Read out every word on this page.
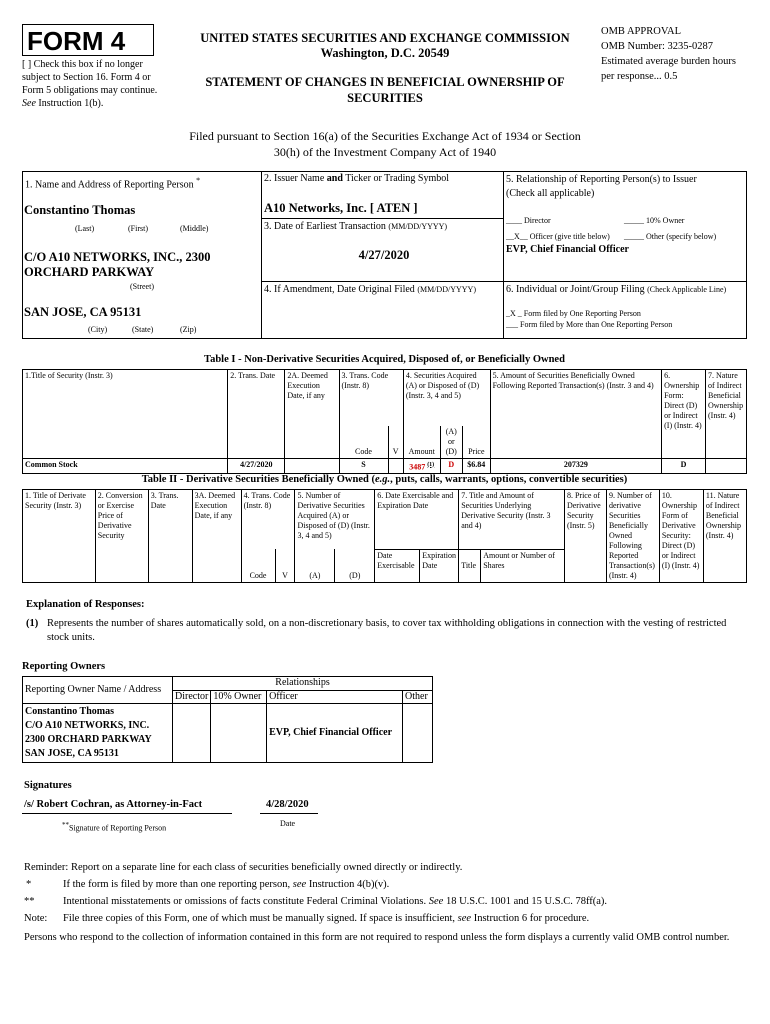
FORM 4
[ ] Check this box if no longer subject to Section 16. Form 4 or Form 5 obligations may continue. See Instruction 1(b).
UNITED STATES SECURITIES AND EXCHANGE COMMISSION
Washington, D.C. 20549
STATEMENT OF CHANGES IN BENEFICIAL OWNERSHIP OF SECURITIES
OMB APPROVAL
OMB Number: 3235-0287
Estimated average burden hours per response... 0.5
Filed pursuant to Section 16(a) of the Securities Exchange Act of 1934 or Section 30(h) of the Investment Company Act of 1940
1. Name and Address of Reporting Person *
Constantino Thomas
(Last)	(First)	(Middle)
C/O A10 NETWORKS, INC., 2300 ORCHARD PARKWAY
(Street)
SAN JOSE, CA 95131
(City)	(State)	(Zip)
2. Issuer Name and Ticker or Trading Symbol
A10 Networks, Inc. [ ATEN ]
3. Date of Earliest Transaction (MM/DD/YYYY)
4/27/2020
4. If Amendment, Date Original Filed (MM/DD/YYYY)
5. Relationship of Reporting Person(s) to Issuer
(Check all applicable)
____ Director	_____ 10% Owner
__X__ Officer (give title below) _____ Other (specify below)
EVP, Chief Financial Officer
6. Individual or Joint/Group Filing (Check Applicable Line)
_X _ Form filed by One Reporting Person
___ Form filed by More than One Reporting Person
Table I - Non-Derivative Securities Acquired, Disposed of, or Beneficially Owned
1.Title of Security (Instr. 3)	2. Trans. Date	2A. Deemed Execution Date, if any	3. Trans. Code (Instr. 8)		4. Securities Acquired (A) or Disposed of (D) (Instr. 3, 4 and 5)			5. Amount of Securities Beneficially Owned Following Reported Transaction(s) (Instr. 3 and 4)	6. Ownership Form: Direct (D) or Indirect (I) (Instr. 4)	7. Nature of Indirect Beneficial Ownership (Instr. 4)
			Code	V	Amount	(A) or (D)	Price			
Common Stock	4/27/2020		S		3487 $^{(1)}$	D	$6.84	207329	D	
Table II - Derivative Securities Beneficially Owned (e.g., puts, calls, warrants, options, convertible securities)
1. Title of Derivate Security (Instr. 3)	2. Conversion or Exercise Price of Derivative Security	3. Trans. Date	3A. Deemed Execution Date, if any	4. Trans. Code (Instr. 8)		5. Number of Derivative Securities Acquired (A) or Disposed of (D) (Instr. 3, 4 and 5)		6. Date Exercisable and Expiration Date		7. Title and Amount of Securities Underlying Derivative Security (Instr. 3 and 4)		8. Price of Derivative Security (Instr. 5)	9. Number of derivative Securities Beneficially Owned Following Reported Transaction(s) (Instr. 4)	10. Ownership Form of Derivative Security: Direct (D) or Indirect (I) (Instr. 4)	11. Nature of Indirect Beneficial Ownership (Instr. 4)
				Code	V	(A)	(D)	Date Exercisable	Expiration Date	Title	Amount or Number of Shares				
Explanation of Responses:
(1) Represents the number of shares automatically sold, on a non-discretionary basis, to cover tax withholding obligations in connection with the vesting of restricted stock units.
Reporting Owners
Reporting Owner Name / Address	Relationships			
	Director	10% Owner	Officer	Other

Constantino Thomas
C/O A10 NETWORKS, INC.
2300 ORCHARD PARKWAY
SAN JOSE, CA 95131			EVP, Chief Financial Officer	
Signatures
/s/ Robert Cochran, as Attorney-in-Fact	4/28/2020
**Signature of Reporting Person
Date
Reminder: Report on a separate line for each class of securities beneficially owned directly or indirectly.
*	If the form is filed by more than one reporting person, see Instruction 4(b)(v).
**	Intentional misstatements or omissions of facts constitute Federal Criminal Violations. See 18 U.S.C. 1001 and 15 U.S.C. 78ff(a).
Note: File three copies of this Form, one of which must be manually signed. If space is insufficient, see Instruction 6 for procedure.
Persons who respond to the collection of information contained in this form are not required to respond unless the form displays a currently valid OMB control number.
